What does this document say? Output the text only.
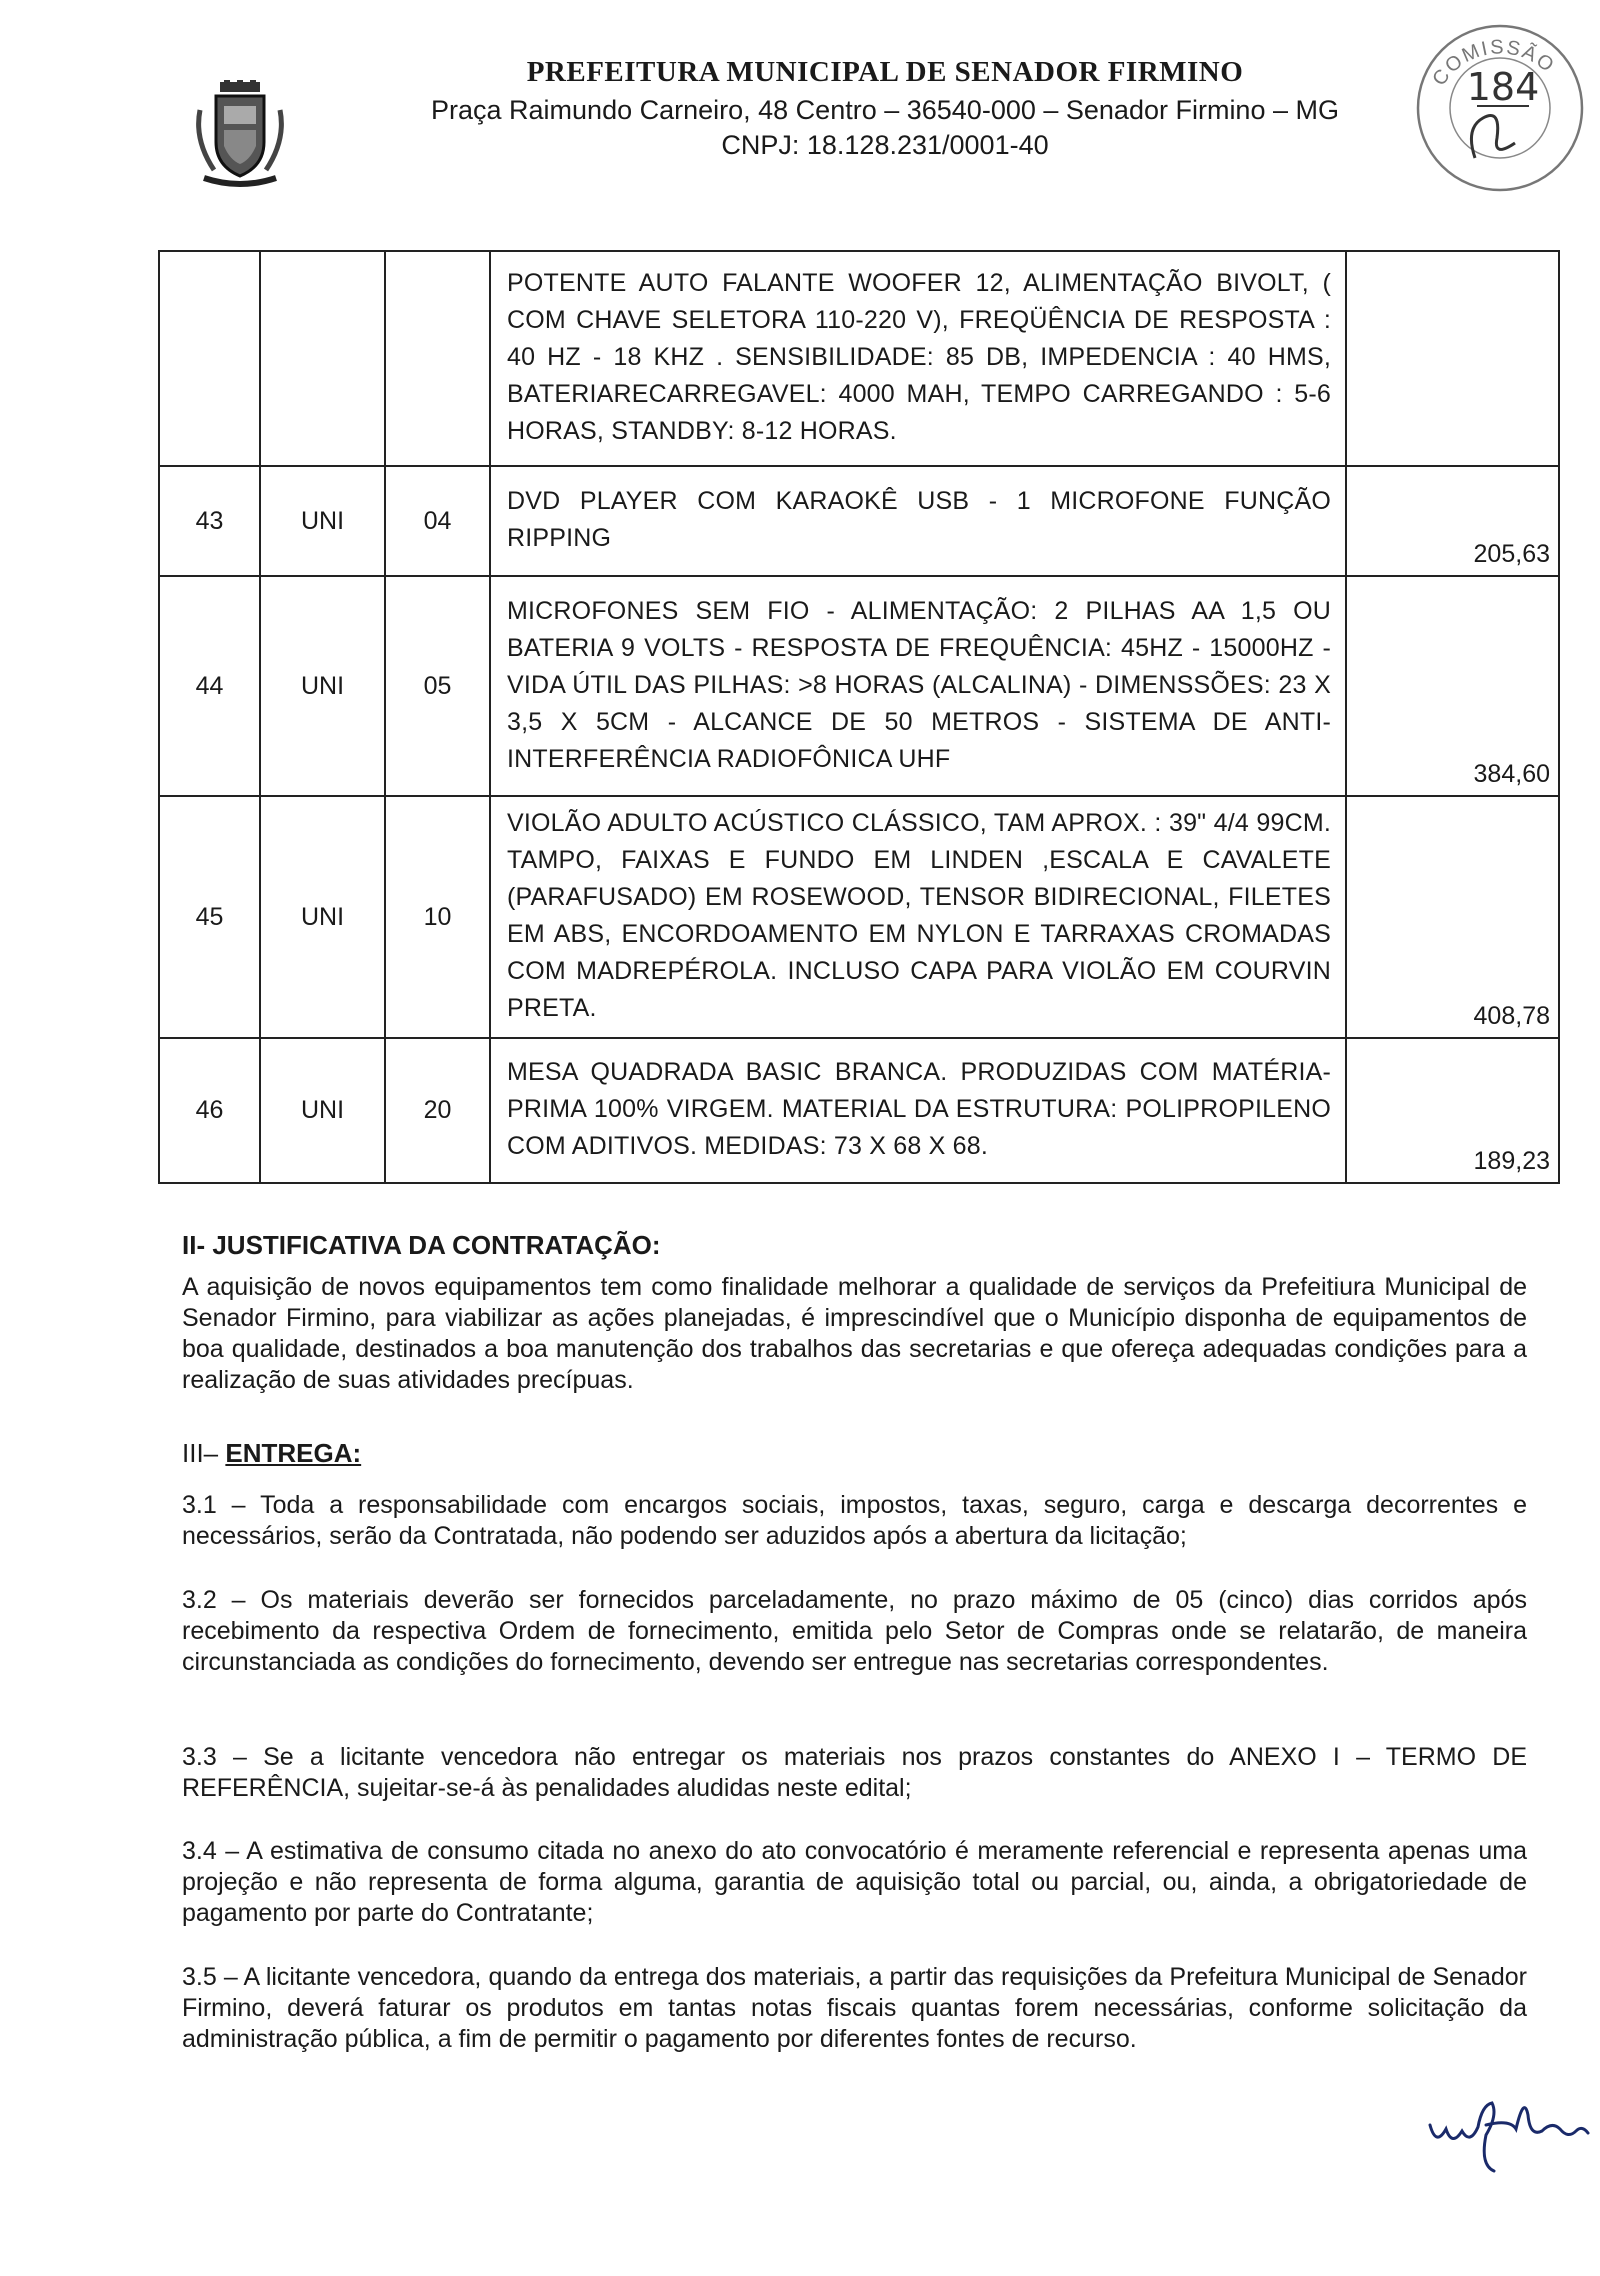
PREFEITURA MUNICIPAL DE SENADOR FIRMINO
Praça Raimundo Carneiro, 48 Centro – 36540-000 – Senador Firmino – MG
CNPJ: 18.128.231/0001-40
COMISSÃO
184
			POTENTE AUTO FALANTE WOOFER 12, ALIMENTAÇÃO BIVOLT, ( COM CHAVE SELETORA 110-220 V), FREQÜÊNCIA DE RESPOSTA : 40 HZ - 18 KHZ . SENSIBILIDADE: 85 DB, IMPEDENCIA : 40 HMS, BATERIARECARREGAVEL: 4000 MAH, TEMPO CARREGANDO : 5-6 HORAS, STANDBY: 8-12 HORAS.	
43	UNI	04	DVD PLAYER COM KARAOKÊ USB - 1 MICROFONE FUNÇÃO RIPPING	205,63
44	UNI	05	MICROFONES SEM FIO - ALIMENTAÇÃO: 2 PILHAS AA 1,5 OU BATERIA 9 VOLTS - RESPOSTA DE FREQUÊNCIA: 45HZ - 15000HZ - VIDA ÚTIL DAS PILHAS: >8 HORAS (ALCALINA) - DIMENSSÕES: 23 X 3,5 X 5CM - ALCANCE DE 50 METROS - SISTEMA DE ANTI-INTERFERÊNCIA RADIOFÔNICA UHF	384,60
45	UNI	10	VIOLÃO ADULTO ACÚSTICO CLÁSSICO, TAM APROX. : 39" 4/4 99CM. TAMPO, FAIXAS E FUNDO EM LINDEN ,ESCALA E CAVALETE (PARAFUSADO) EM ROSEWOOD, TENSOR BIDIRECIONAL, FILETES EM ABS, ENCORDOAMENTO EM NYLON E TARRAXAS CROMADAS COM MADREPÉROLA. INCLUSO CAPA PARA VIOLÃO EM COURVIN PRETA.	408,78
46	UNI	20	MESA QUADRADA BASIC BRANCA. PRODUZIDAS COM MATÉRIA-PRIMA 100% VIRGEM. MATERIAL DA ESTRUTURA: POLIPROPILENO COM ADITIVOS. MEDIDAS: 73 X 68 X 68.	189,23
II- JUSTIFICATIVA DA CONTRATAÇÃO:
A aquisição de novos equipamentos tem como finalidade melhorar a qualidade de serviços da Prefeitiura Municipal de Senador Firmino, para viabilizar as ações planejadas, é imprescindível que o Município disponha de equipamentos de boa qualidade, destinados a boa manutenção dos trabalhos das secretarias e que ofereça adequadas condições para a realização de suas atividades precípuas.
III– ENTREGA:
3.1 – Toda a responsabilidade com encargos sociais, impostos, taxas, seguro, carga e descarga decorrentes e necessários, serão da Contratada, não podendo ser aduzidos após a abertura da licitação;
3.2 – Os materiais deverão ser fornecidos parceladamente, no prazo máximo de 05 (cinco) dias corridos após recebimento da respectiva Ordem de fornecimento, emitida pelo Setor de Compras onde se relatarão, de maneira circunstanciada as condições do fornecimento, devendo ser entregue nas secretarias correspondentes.
3.3 – Se a licitante vencedora não entregar os materiais nos prazos constantes do ANEXO I – TERMO DE REFERÊNCIA, sujeitar-se-á às penalidades aludidas neste edital;
3.4 – A estimativa de consumo citada no anexo do ato convocatório é meramente referencial e representa apenas uma projeção e não representa de forma alguma, garantia de aquisição total ou parcial, ou, ainda, a obrigatoriedade de pagamento por parte do Contratante;
3.5 – A licitante vencedora, quando da entrega dos materiais, a partir das requisições da Prefeitura Municipal de Senador Firmino, deverá faturar os produtos em tantas notas fiscais quantas forem necessárias, conforme solicitação da administração pública, a fim de permitir o pagamento por diferentes fontes de recurso.
